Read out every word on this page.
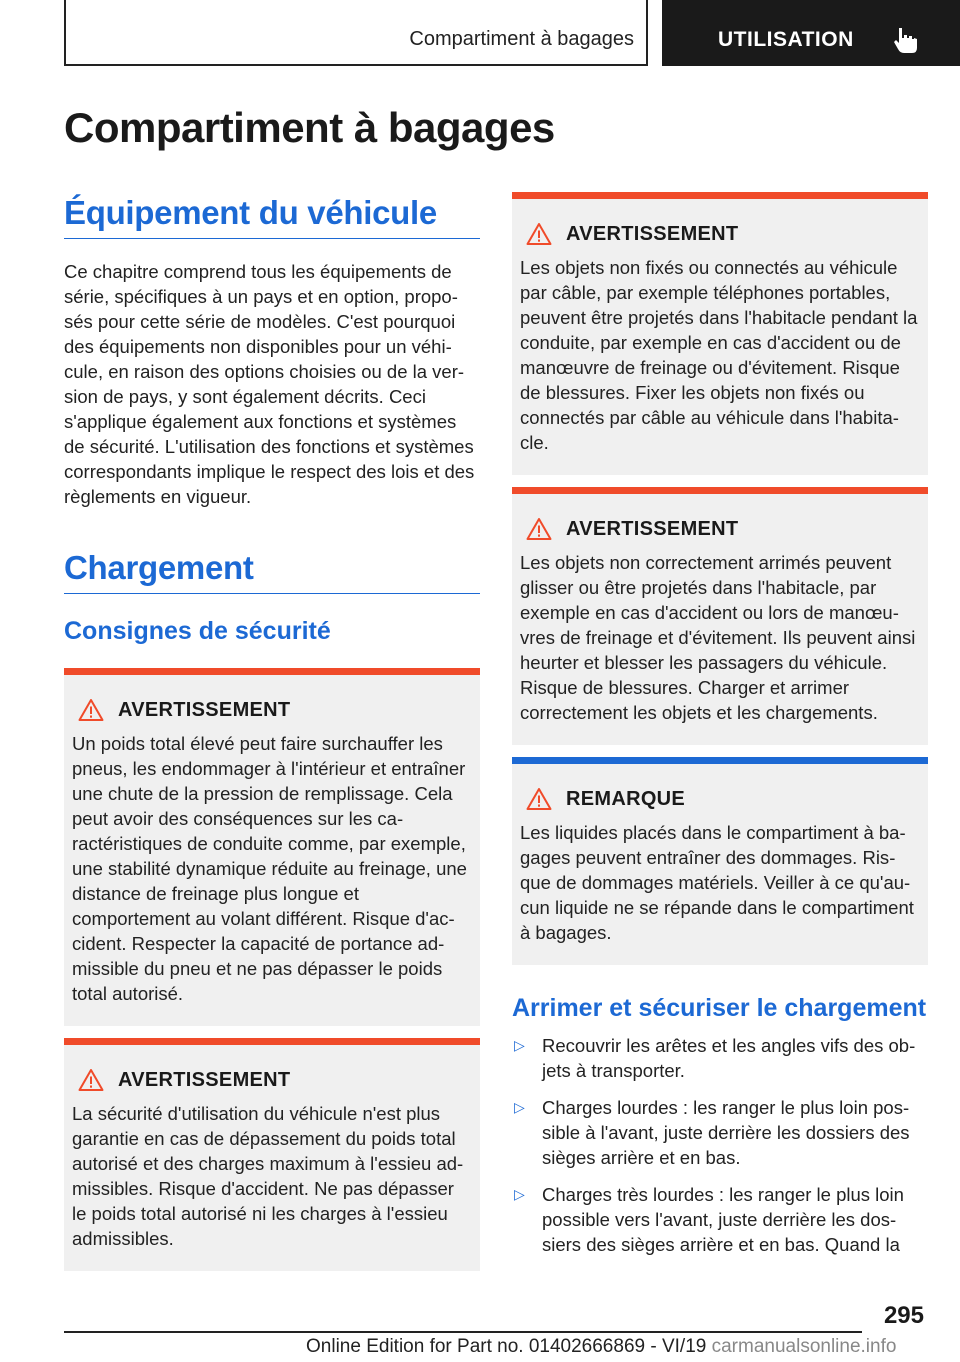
Compartiment à bagages	UTILISATION
Compartiment à bagages
Équipement du véhicule

Ce chapitre comprend tous les équipements de série, spécifiques à un pays et en option, proposés pour cette série de modèles. C'est pourquoi des équipements non disponibles pour un véhicule, en raison des options choisies ou de la version de pays, y sont également décrits. Ceci s'applique également aux fonctions et systèmes de sécurité. L'utilisation des fonctions et systèmes correspondants implique le respect des lois et des règlements en vigueur.

Chargement
Consignes de sécurité
AVERTISSEMENT

Un poids total élevé peut faire surchauffer les pneus, les endommager à l'intérieur et entraîner une chute de la pression de remplissage. Cela peut avoir des conséquences sur les caractéristiques de conduite comme, par exemple, une stabilité dynamique réduite au freinage, une distance de freinage plus longue et comportement au volant différent. Risque d'accident. Respecter la capacité de portance admissible du pneu et ne pas dépasser le poids total autorisé.

AVERTISSEMENT

La sécurité d'utilisation du véhicule n'est plus garantie en cas de dépassement du poids total autorisé et des charges maximum à l'essieu admissibles. Risque d'accident. Ne pas dépasser le poids total autorisé ni les charges à l'essieu admissibles.

AVERTISSEMENT

Les objets non fixés ou connectés au véhicule par câble, par exemple téléphones portables, peuvent être projetés dans l'habitacle pendant la conduite, par exemple en cas d'accident ou de manœuvre de freinage ou d'évitement. Risque de blessures. Fixer les objets non fixés ou connectés par câble au véhicule dans l'habitacle.

AVERTISSEMENT

Les objets non correctement arrimés peuvent glisser ou être projetés dans l'habitacle, par exemple en cas d'accident ou lors de manœuvres de freinage et d'évitement. Ils peuvent ainsi heurter et blesser les passagers du véhicule. Risque de blessures. Charger et arrimer correctement les objets et les chargements.

REMARQUE

Les liquides placés dans le compartiment à bagages peuvent entraîner des dommages. Risque de dommages matériels. Veiller à ce qu'aucun liquide ne se répande dans le compartiment à bagages.

Arrimer et sécuriser le chargement
▷ Recouvrir les arêtes et les angles vifs des objets à transporter.
▷ Charges lourdes : les ranger le plus loin possible à l'avant, juste derrière les dossiers des sièges arrière et en bas.
▷ Charges très lourdes : les ranger le plus loin possible vers l'avant, juste derrière les dossiers des sièges arrière et en bas. Quand la
295
Online Edition for Part no. 01402666869 - VI/19 carmanualsonline.info
